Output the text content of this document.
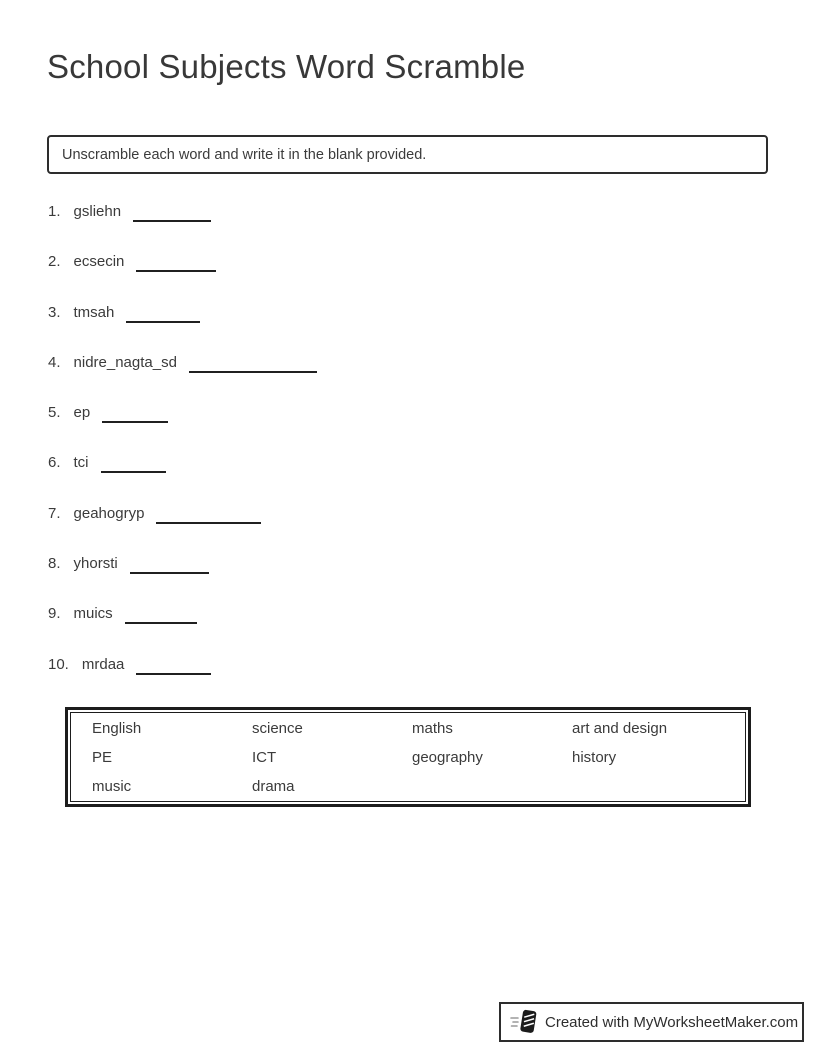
School Subjects Word Scramble
Unscramble each word and write it in the blank provided.
1. gsliehn
2. ecsecin
3. tmsah
4. nidre_nagta_sd
5. ep
6. tci
7. geahogryp
8. yhorsti
9. muics
10. mrdaa
English	science	maths	art and design
PE	ICT	geography	history
music	drama
Created with MyWorksheetMaker.com
